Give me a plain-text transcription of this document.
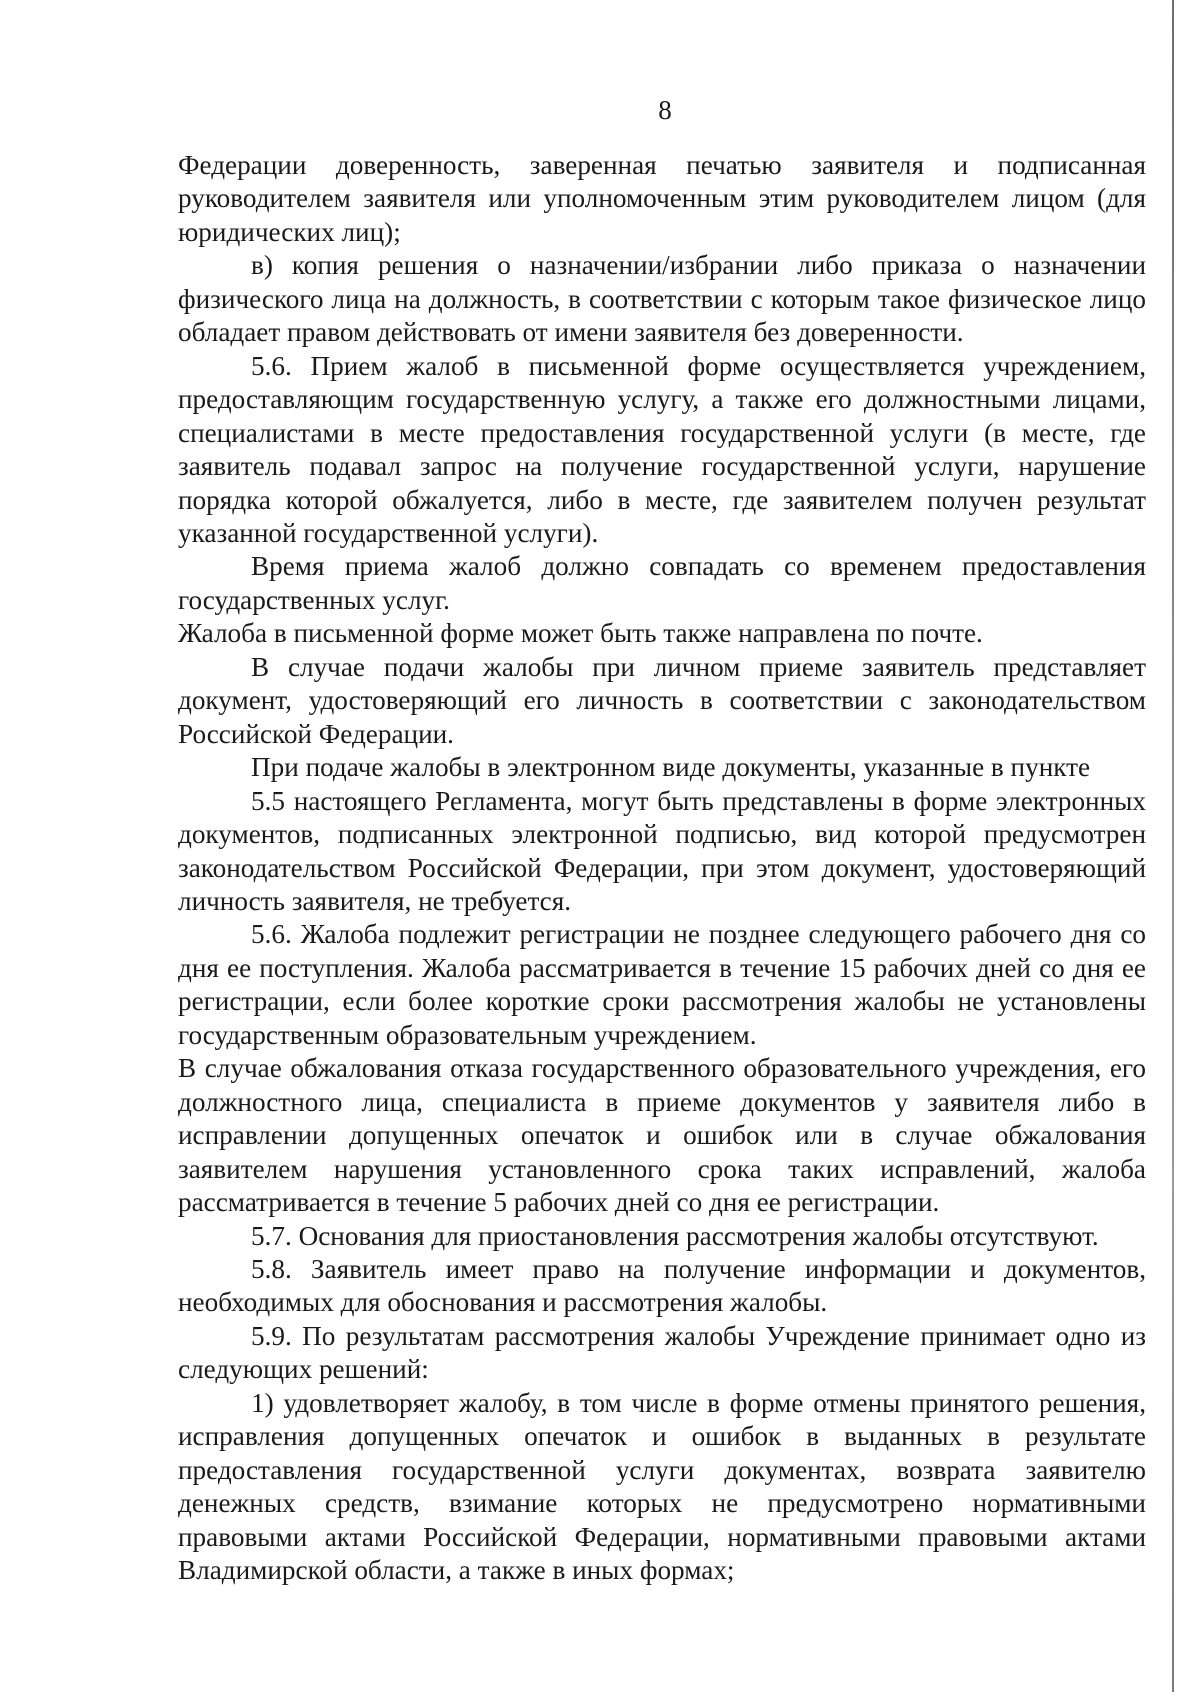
8

Федерации доверенность, заверенная печатью заявителя и подписанная руководителем заявителя или уполномоченным этим руководителем лицом (для юридических лиц);

в) копия решения о назначении/избрании либо приказа о назначении физического лица на должность, в соответствии с которым такое физическое лицо обладает правом действовать от имени заявителя без доверенности.

5.6. Прием жалоб в письменной форме осуществляется учреждением, предоставляющим государственную услугу, а также его должностными лицами, специалистами в месте предоставления государственной услуги (в месте, где заявитель подавал запрос на получение государственной услуги, нарушение порядка которой обжалуется, либо в месте, где заявителем получен результат указанной государственной услуги).

Время приема жалоб должно совпадать со временем предоставления государственных услуг.

Жалоба в письменной форме может быть также направлена по почте.

В случае подачи жалобы при личном приеме заявитель представляет документ, удостоверяющий его личность в соответствии с законодательством Российской Федерации.

При подаче жалобы в электронном виде документы, указанные в пункте

5.5 настоящего Регламента, могут быть представлены в форме электронных документов, подписанных электронной подписью, вид которой предусмотрен законодательством Российской Федерации, при этом документ, удостоверяющий личность заявителя, не требуется.

5.6. Жалоба подлежит регистрации не позднее следующего рабочего дня со дня ее поступления. Жалоба рассматривается в течение 15 рабочих дней со дня ее регистрации, если более короткие сроки рассмотрения жалобы не установлены государственным образовательным учреждением.

В случае обжалования отказа государственного образовательного учреждения, его должностного лица, специалиста в приеме документов у заявителя либо в исправлении допущенных опечаток и ошибок или в случае обжалования заявителем нарушения установленного срока таких исправлений, жалоба рассматривается в течение 5 рабочих дней со дня ее регистрации.

5.7. Основания для приостановления рассмотрения жалобы отсутствуют.

5.8. Заявитель имеет право на получение информации и документов, необходимых для обоснования и рассмотрения жалобы.

5.9. По результатам рассмотрения жалобы Учреждение принимает одно из следующих решений:

1) удовлетворяет жалобу, в том числе в форме отмены принятого решения, исправления допущенных опечаток и ошибок в выданных в результате предоставления государственной услуги документах, возврата заявителю денежных средств, взимание которых не предусмотрено нормативными правовыми актами Российской Федерации, нормативными правовыми актами Владимирской области, а также в иных формах;
